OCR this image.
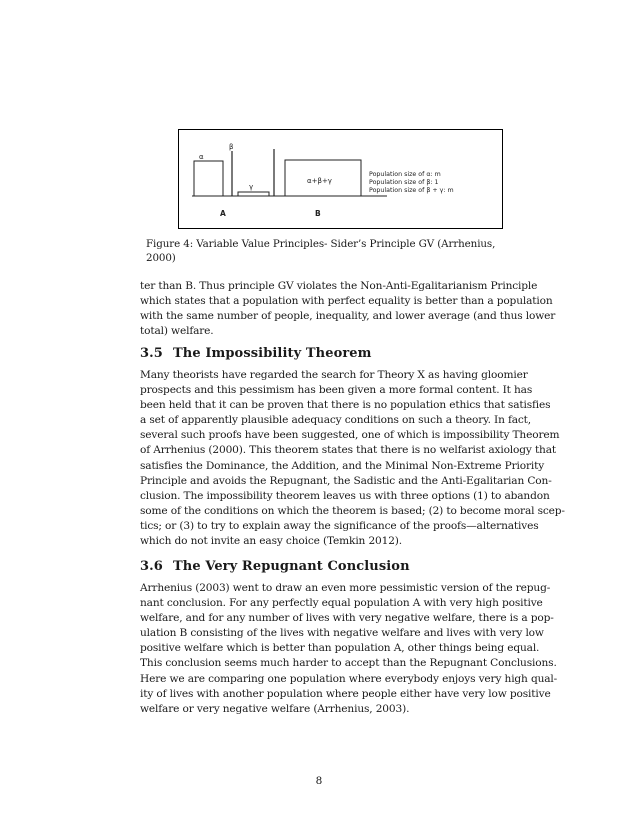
α
β
γ
α+β+γ
A	B
Population size of α: m
Population size of β: 1
Population size of β + γ: m
Figure 4: Variable Value Principles- Sider’s Principle GV (Arrhenius, 2000)
ter than B. Thus principle GV violates the Non-Anti-Egalitarianism Principle
which states that a population with perfect equality is better than a population
with the same number of people, inequality, and lower average (and thus lower
total) welfare.
3.5 The Impossibility Theorem
Many theorists have regarded the search for Theory X as having gloomier
prospects and this pessimism has been given a more formal content. It has
been held that it can be proven that there is no population ethics that satisfies
a set of apparently plausible adequacy conditions on such a theory. In fact,
several such proofs have been suggested, one of which is impossibility Theorem
of Arrhenius (2000). This theorem states that there is no welfarist axiology that
satisfies the Dominance, the Addition, and the Minimal Non-Extreme Priority
Principle and avoids the Repugnant, the Sadistic and the Anti-Egalitarian Con-
clusion. The impossibility theorem leaves us with three options (1) to abandon
some of the conditions on which the theorem is based; (2) to become moral scep-
tics; or (3) to try to explain away the significance of the proofs—alternatives
which do not invite an easy choice (Temkin 2012).
3.6 The Very Repugnant Conclusion
Arrhenius (2003) went to draw an even more pessimistic version of the repug-
nant conclusion. For any perfectly equal population A with very high positive
welfare, and for any number of lives with very negative welfare, there is a pop-
ulation B consisting of the lives with negative welfare and lives with very low
positive welfare which is better than population A, other things being equal.
This conclusion seems much harder to accept than the Repugnant Conclusions.
Here we are comparing one population where everybody enjoys very high qual-
ity of lives with another population where people either have very low positive
welfare or very negative welfare (Arrhenius, 2003).
8
